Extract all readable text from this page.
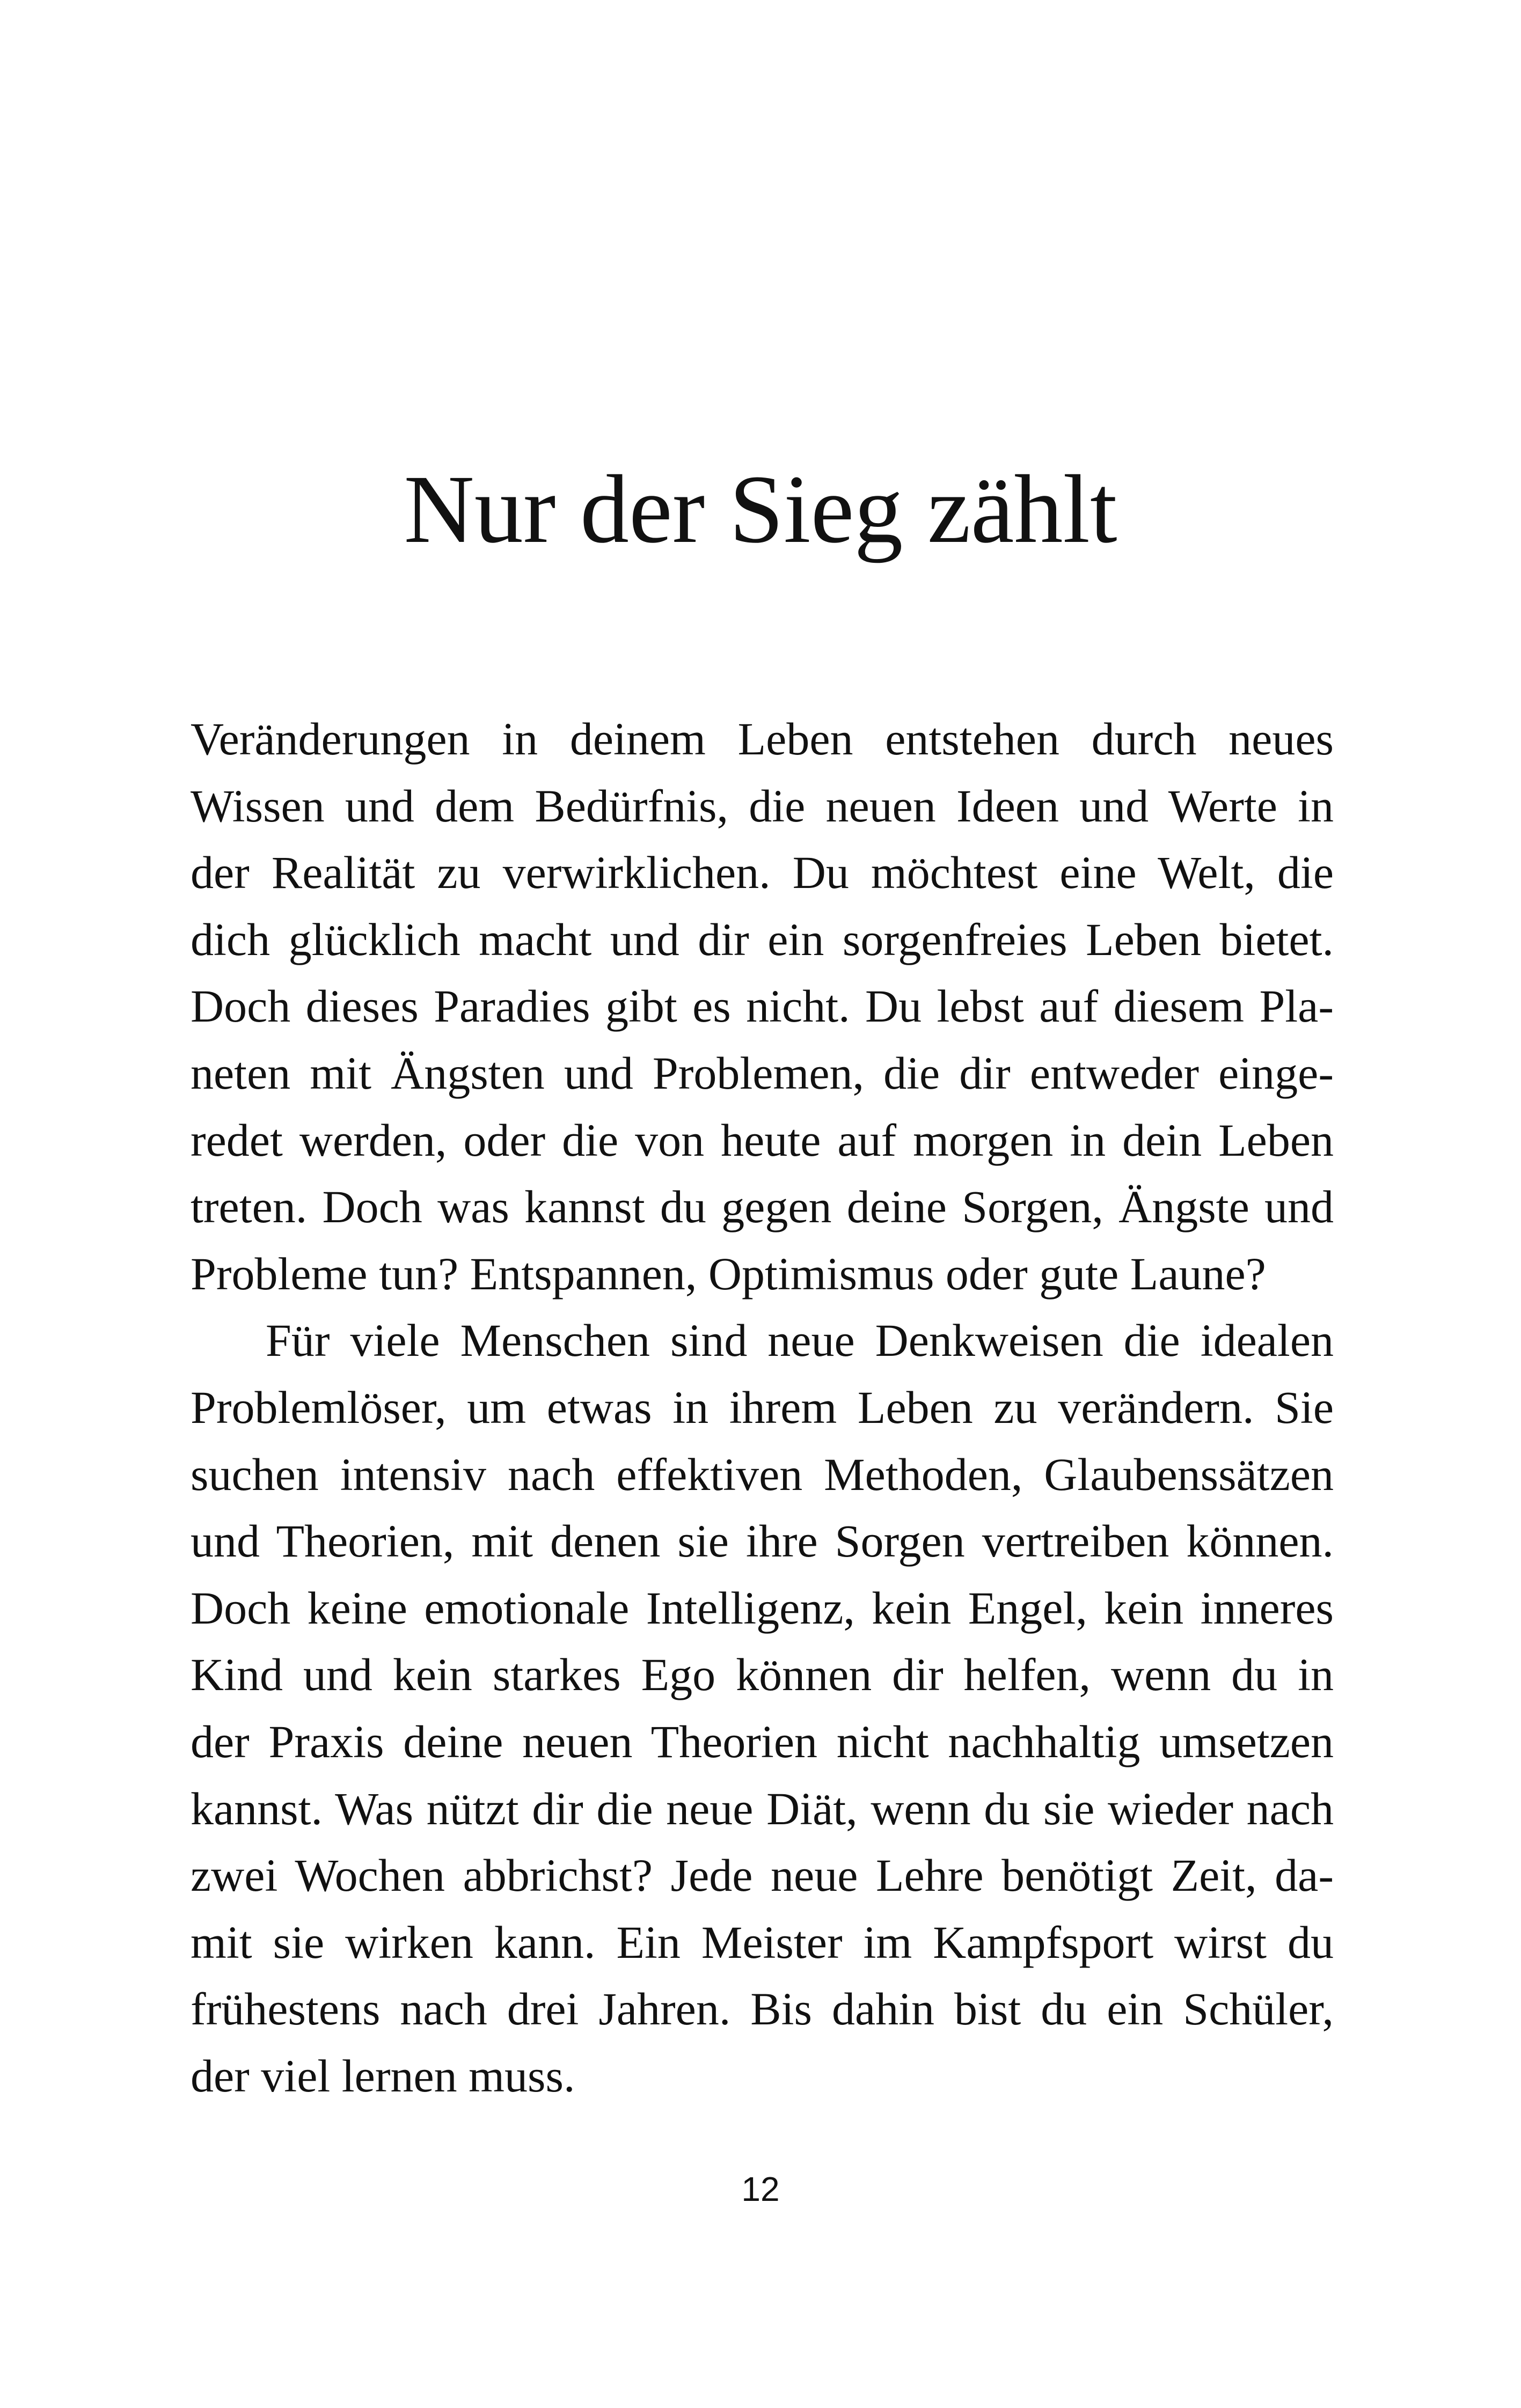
Nur der Sieg zählt

Veränderungen in deinem Leben entstehen durch neues
Wissen und dem Bedürfnis, die neuen Ideen und Werte in
der Realität zu verwirklichen. Du möchtest eine Welt, die
dich glücklich macht und dir ein sorgenfreies Leben bietet.
Doch dieses Paradies gibt es nicht. Du lebst auf diesem Pla-
neten mit Ängsten und Problemen, die dir entweder einge-
redet werden, oder die von heute auf morgen in dein Leben
treten. Doch was kannst du gegen deine Sorgen, Ängste und
Probleme tun? Entspannen, Optimismus oder gute Laune?

Für viele Menschen sind neue Denkweisen die idealen
Problemlöser, um etwas in ihrem Leben zu verändern. Sie
suchen intensiv nach effektiven Methoden, Glaubenssätzen
und Theorien, mit denen sie ihre Sorgen vertreiben können.
Doch keine emotionale Intelligenz, kein Engel, kein inneres
Kind und kein starkes Ego können dir helfen, wenn du in
der Praxis deine neuen Theorien nicht nachhaltig umsetzen
kannst. Was nützt dir die neue Diät, wenn du sie wieder nach
zwei Wochen abbrichst? Jede neue Lehre benötigt Zeit, da-
mit sie wirken kann. Ein Meister im Kampfsport wirst du
frühestens nach drei Jahren. Bis dahin bist du ein Schüler,
der viel lernen muss.

12
